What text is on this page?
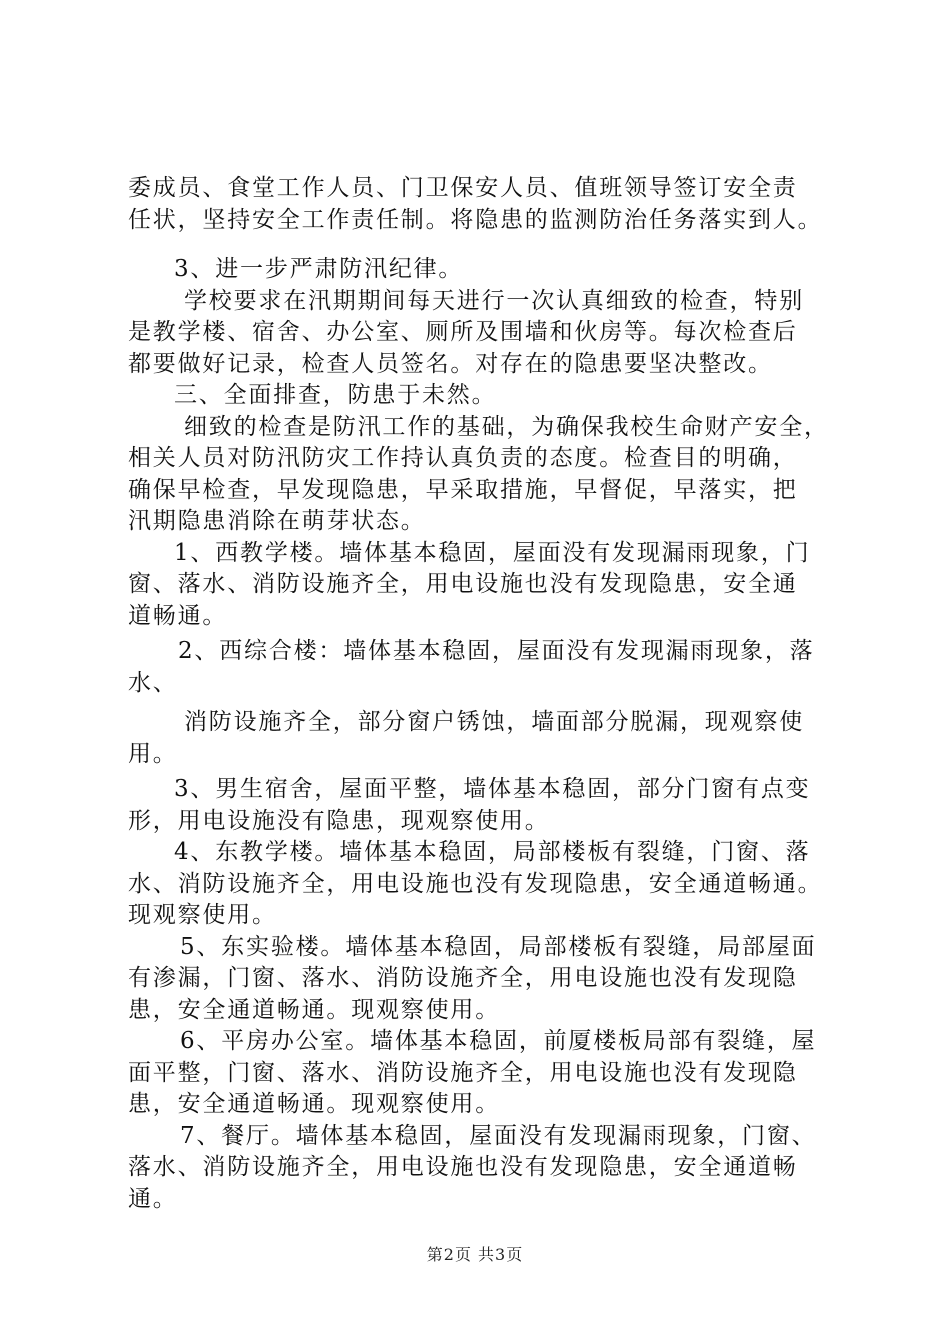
委成员、食堂工作人员、门卫保安人员、值班领导签订安全责
任状，坚持安全工作责任制。将隐患的监测防治任务落实到人。
3、进一步严肃防汛纪律。
学校要求在汛期期间每天进行一次认真细致的检查，特别
是教学楼、宿舍、办公室、厕所及围墙和伙房等。每次检查后
都要做好记录，检查人员签名。对存在的隐患要坚决整改。
三、全面排查，防患于未然。
细致的检查是防汛工作的基础，为确保我校生命财产安全，
相关人员对防汛防灾工作持认真负责的态度。检查目的明确，
确保早检查，早发现隐患，早采取措施，早督促，早落实，把
汛期隐患消除在萌芽状态。
1、西教学楼。墙体基本稳固，屋面没有发现漏雨现象，门
窗、落水、消防设施齐全，用电设施也没有发现隐患，安全通
道畅通。
2、西综合楼：墙体基本稳固，屋面没有发现漏雨现象，落
水、
消防设施齐全，部分窗户锈蚀，墙面部分脱漏，现观察使
用。
3、男生宿舍，屋面平整，墙体基本稳固，部分门窗有点变
形，用电设施没有隐患，现观察使用。
4、东教学楼。墙体基本稳固，局部楼板有裂缝，门窗、落
水、消防设施齐全，用电设施也没有发现隐患，安全通道畅通。
现观察使用。
5、东实验楼。墙体基本稳固，局部楼板有裂缝，局部屋面
有渗漏，门窗、落水、消防设施齐全，用电设施也没有发现隐
患，安全通道畅通。现观察使用。
6、平房办公室。墙体基本稳固，前厦楼板局部有裂缝，屋
面平整，门窗、落水、消防设施齐全，用电设施也没有发现隐
患，安全通道畅通。现观察使用。
7、餐厅。墙体基本稳固，屋面没有发现漏雨现象，门窗、
落水、消防设施齐全，用电设施也没有发现隐患，安全通道畅
通。
第2页 共3页
